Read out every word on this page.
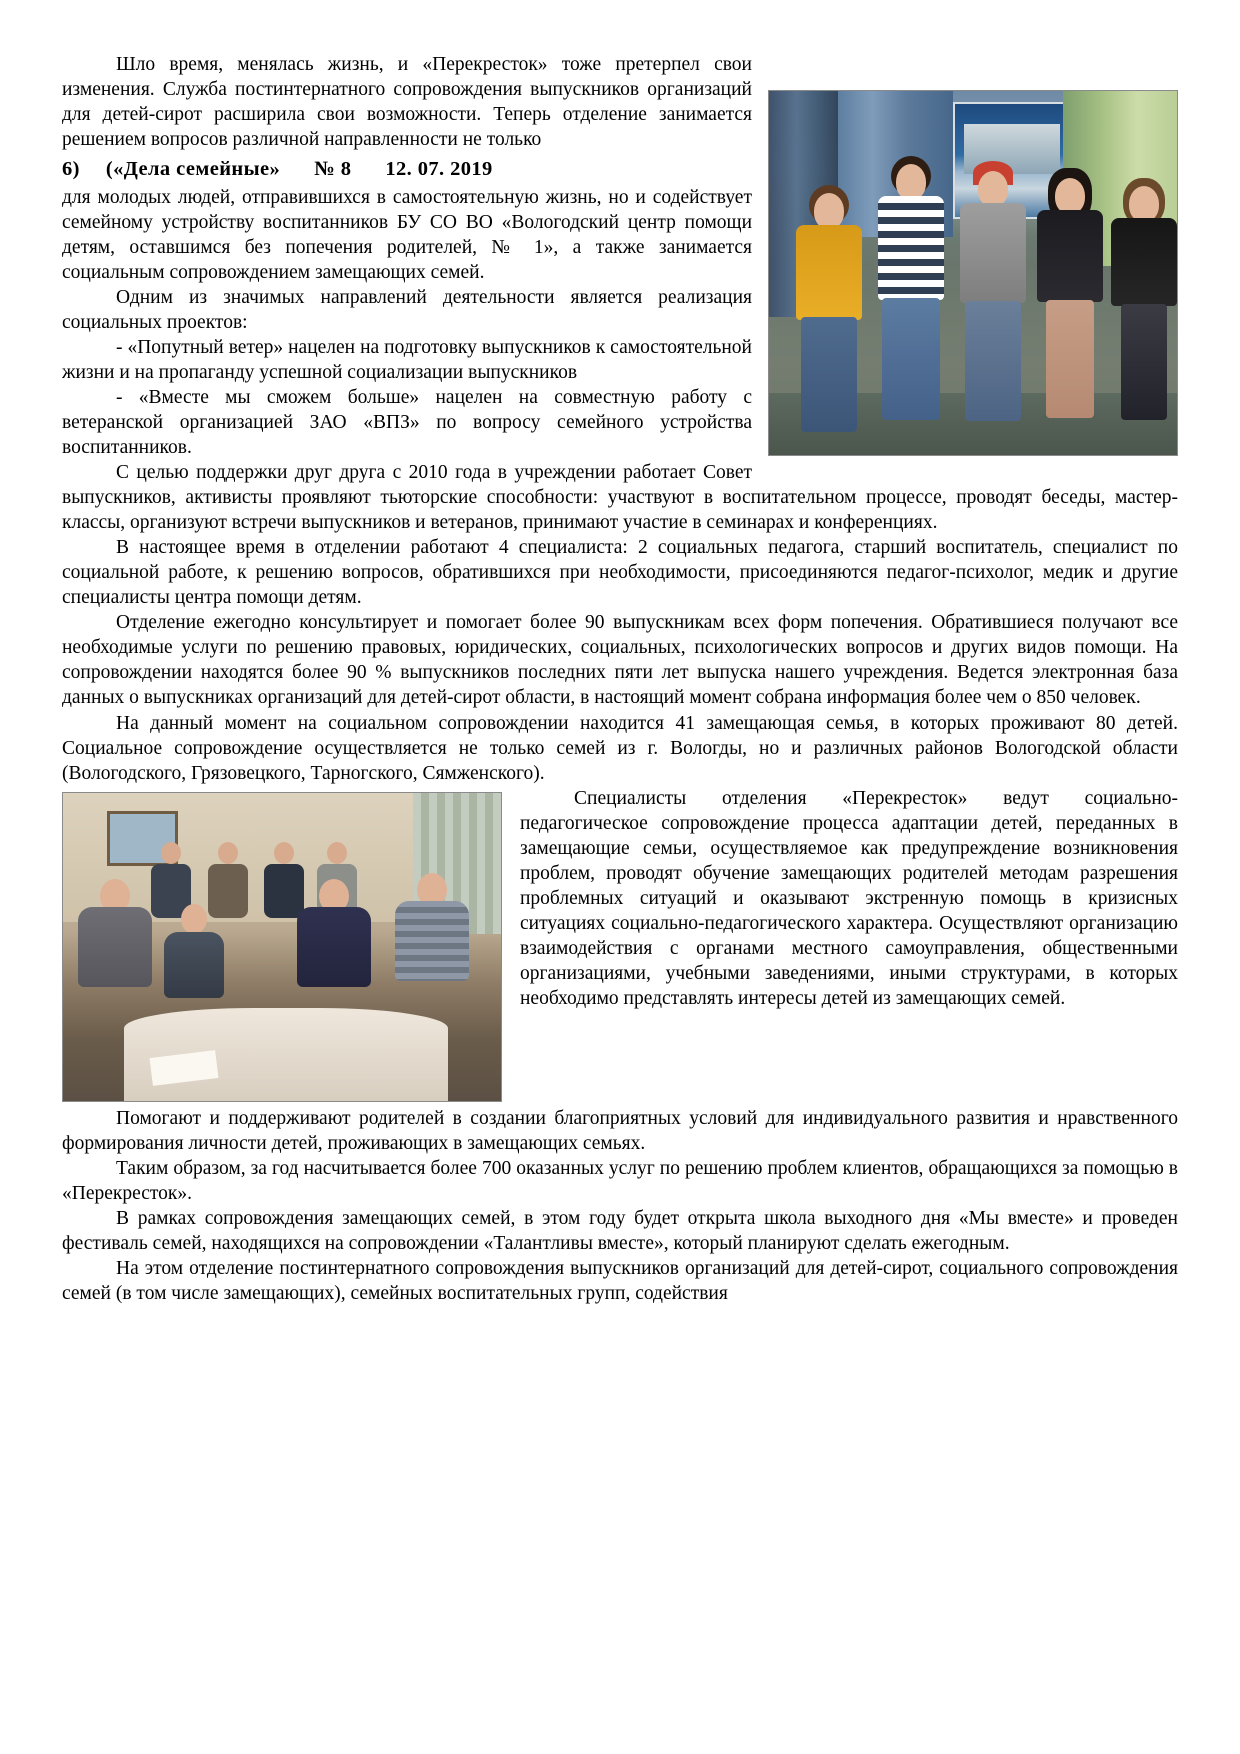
Шло время, менялась жизнь, и «Перекресток» тоже претерпел свои изменения. Служба постинтернатного сопровождения выпускников организаций для детей-сирот расширила свои возможности. Теперь отделение занимается решением вопросов различной направленности не только

6) («Дела семейные» № 8 12. 07. 2019

для молодых людей, отправившихся в самостоятельную жизнь, но и содействует семейному устройству воспитанников БУ СО ВО «Вологодский центр помощи детям, оставшимся без попечения родителей, № 1», а также занимается социальным сопровождением замещающих семей.

Одним из значимых направлений деятельности является реализация социальных проектов:

- «Попутный ветер» нацелен на подготовку выпускников к самостоятельной жизни и на пропаганду успешной социализации выпускников

- «Вместе мы сможем больше» нацелен на совместную работу с ветеранской организацией ЗАО «ВПЗ» по вопросу семейного устройства воспитанников.

С целью поддержки друг друга с 2010 года в учреждении работает Совет выпускников, активисты проявляют тьюторские способности: участвуют в воспитательном процессе, проводят беседы, мастер-классы, организуют встречи выпускников и ветеранов, принимают участие в семинарах и конференциях.

В настоящее время в отделении работают 4 специалиста: 2 социальных педагога, старший воспитатель, специалист по социальной работе, к решению вопросов, обратившихся при необходимости, присоединяются педагог-психолог, медик и другие специалисты центра помощи детям.

Отделение ежегодно консультирует и помогает более 90 выпускникам всех форм попечения. Обратившиеся получают все необходимые услуги по решению правовых, юридических, социальных, психологических вопросов и других видов помощи. На сопровождении находятся более 90 % выпускников последних пяти лет выпуска нашего учреждения. Ведется электронная база данных о выпускниках организаций для детей-сирот области, в настоящий момент собрана информация более чем о 850 человек.

На данный момент на социальном сопровождении находится 41 замещающая семья, в которых проживают 80 детей. Социальное сопровождение осуществляется не только семей из г. Вологды, но и различных районов Вологодской области (Вологодского, Грязовецкого, Тарногского, Сямженского).

Специалисты отделения «Перекресток» ведут социально-педагогическое сопровождение процесса адаптации детей, переданных в замещающие семьи, осуществляемое как предупреждение возникновения проблем, проводят обучение замещающих родителей методам разрешения проблемных ситуаций и оказывают экстренную помощь в кризисных ситуациях социально-педагогического характера. Осуществляют организацию взаимодействия с органами местного самоуправления, общественными организациями, учебными заведениями, иными структурами, в которых необходимо представлять интересы детей из замещающих семей.

Помогают и поддерживают родителей в создании благоприятных условий для индивидуального развития и нравственного формирования личности детей, проживающих в замещающих семьях.

Таким образом, за год насчитывается более 700 оказанных услуг по решению проблем клиентов, обращающихся за помощью в «Перекресток».

В рамках сопровождения замещающих семей, в этом году будет открыта школа выходного дня «Мы вместе» и проведен фестиваль семей, находящихся на сопровождении «Талантливы вместе», который планируют сделать ежегодным.

На этом отделение постинтернатного сопровождения выпускников организаций для детей-сирот, социального сопровождения семей (в том числе замещающих), семейных воспитательных групп, содействия
